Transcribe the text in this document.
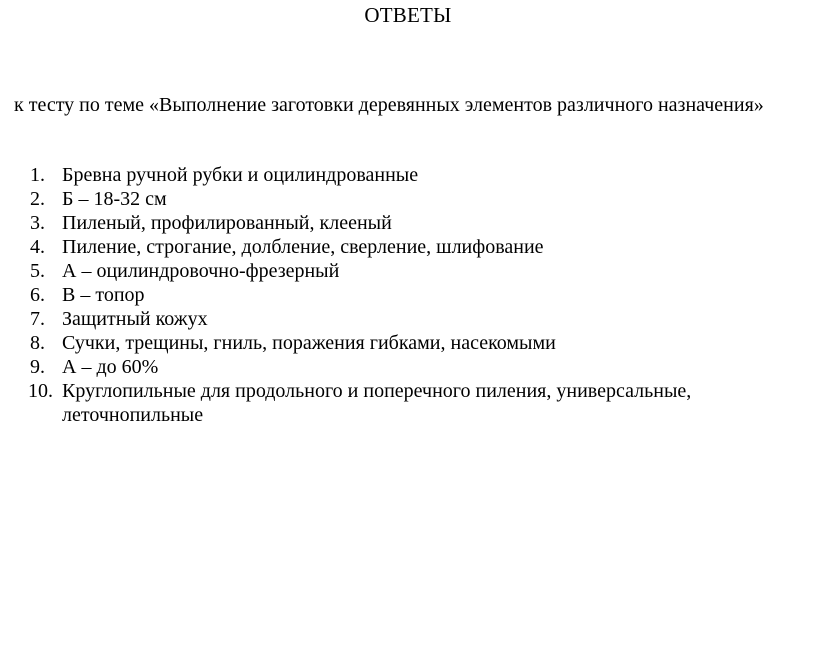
ОТВЕТЫ
к тесту по теме «Выполнение заготовки деревянных элементов различного назначения»
1. Бревна ручной рубки и оцилиндрованные
2. Б – 18-32 см
3. Пиленый, профилированный, клееный
4. Пиление, строгание, долбление, сверление, шлифование
5. А – оцилиндровочно-фрезерный
6. В – топор
7. Защитный кожух
8. Сучки, трещины, гниль, поражения гибками, насекомыми
9. А – до 60%
10. Круглопильные для продольного и поперечного пиления, универсальные, леточнопильные
